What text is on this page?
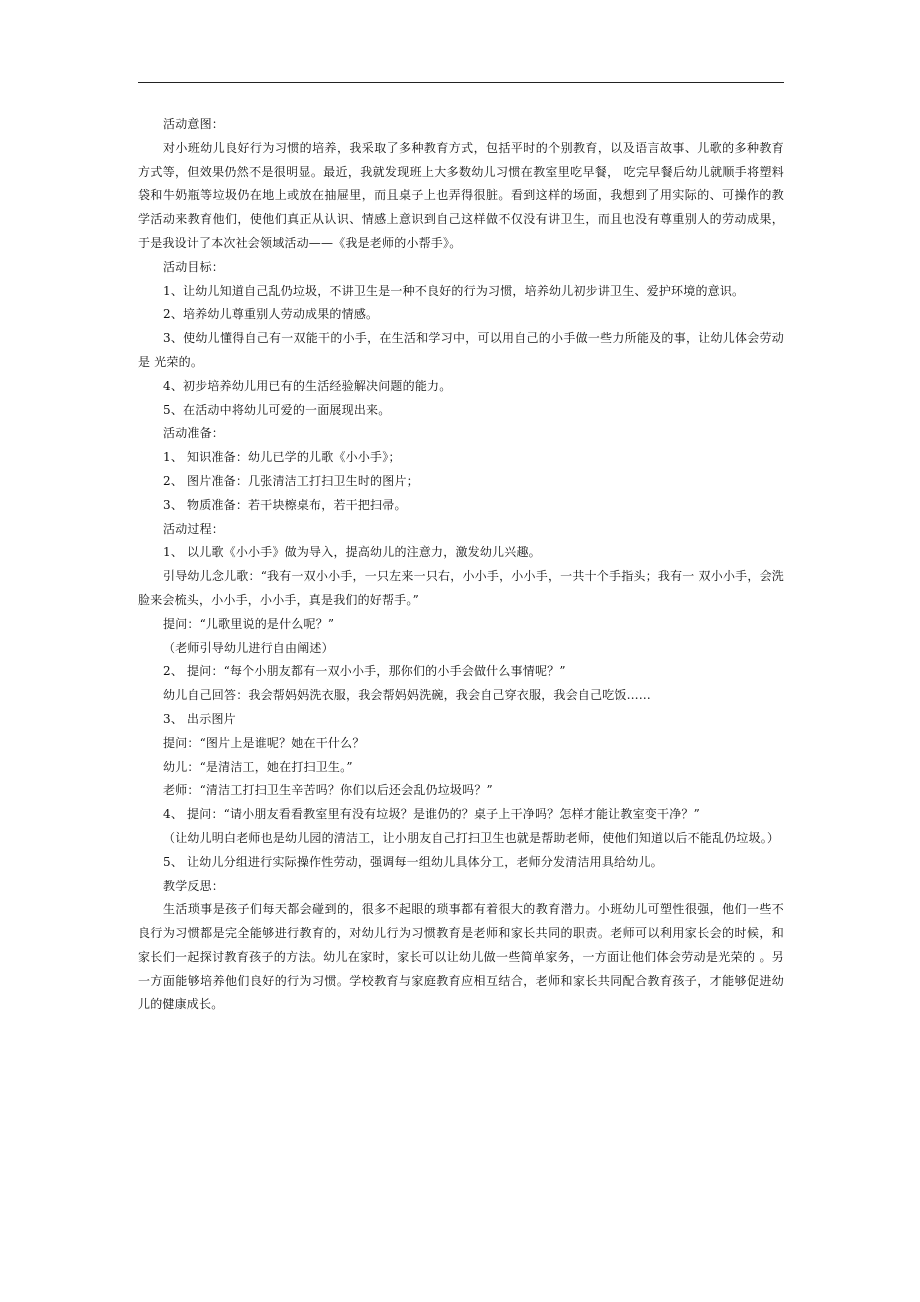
活动意图：

对小班幼儿良好行为习惯的培养，我采取了多种教育方式，包括平时的个别教育，以及语言故事、儿歌的多种教育方式等，但效果仍然不是很明显。最近，我就发现班上大多数幼儿习惯在教室里吃早餐， 吃完早餐后幼儿就顺手将塑料袋和牛奶瓶等垃圾仍在地上或放在抽屉里，而且桌子上也弄得很脏。看到这样的场面，我想到了用实际的、可操作的教学活动来教育他们，使他们真正从认识、情感上意识到自己这样做不仅没有讲卫生，而且也没有尊重别人的劳动成果，于是我设计了本次社会领域活动——《我是老师的小帮手》。

活动目标：

1、让幼儿知道自己乱仍垃圾，不讲卫生是一种不良好的行为习惯，培养幼儿初步讲卫生、爱护环境的意识。

2、培养幼儿尊重别人劳动成果的情感。

3、使幼儿懂得自己有一双能干的小手，在生活和学习中，可以用自己的小手做一些力所能及的事，让幼儿体会劳动是 光荣的。

4、初步培养幼儿用已有的生活经验解决问题的能力。

5、在活动中将幼儿可爱的一面展现出来。

活动准备：

1、 知识准备：幼儿已学的儿歌《小小手》；

2、 图片准备：几张清洁工打扫卫生时的图片；

3、 物质准备：若干块檫桌布，若干把扫帚。

活动过程：

1、 以儿歌《小小手》做为导入，提高幼儿的注意力，激发幼儿兴趣。

引导幼儿念儿歌：“我有一双小小手，一只左来一只右，小小手，小小手，一共十个手指头；我有一 双小小手，会洗脸来会梳头，小小手，小小手，真是我们的好帮手。”

提问：“儿歌里说的是什么呢？”

（老师引导幼儿进行自由阐述）

2、 提问：“每个小朋友都有一双小小手，那你们的小手会做什么事情呢？”

幼儿自己回答：我会帮妈妈洗衣服，我会帮妈妈洗碗，我会自己穿衣服，我会自己吃饭……

3、 出示图片

提问：“图片上是谁呢？她在干什么？

幼儿：“是清洁工，她在打扫卫生。”

老师：“清洁工打扫卫生辛苦吗？你们以后还会乱仍垃圾吗？”

4、 提问：“请小朋友看看教室里有没有垃圾？是谁仍的？桌子上干净吗？怎样才能让教室变干净？”

（让幼儿明白老师也是幼儿园的清洁工，让小朋友自己打扫卫生也就是帮助老师，使他们知道以后不能乱仍垃圾。）

5、 让幼儿分组进行实际操作性劳动，强调每一组幼儿具体分工，老师分发清洁用具给幼儿。

教学反思：

生活琐事是孩子们每天都会碰到的，很多不起眼的琐事都有着很大的教育潜力。小班幼儿可塑性很强，他们一些不良行为习惯都是完全能够进行教育的，对幼儿行为习惯教育是老师和家长共同的职责。老师可以利用家长会的时候，和家长们一起探讨教育孩子的方法。幼儿在家时，家长可以让幼儿做一些简单家务，一方面让他们体会劳动是光荣的 。另一方面能够培养他们良好的行为习惯。学校教育与家庭教育应相互结合，老师和家长共同配合教育孩子，才能够促进幼儿的健康成长。
